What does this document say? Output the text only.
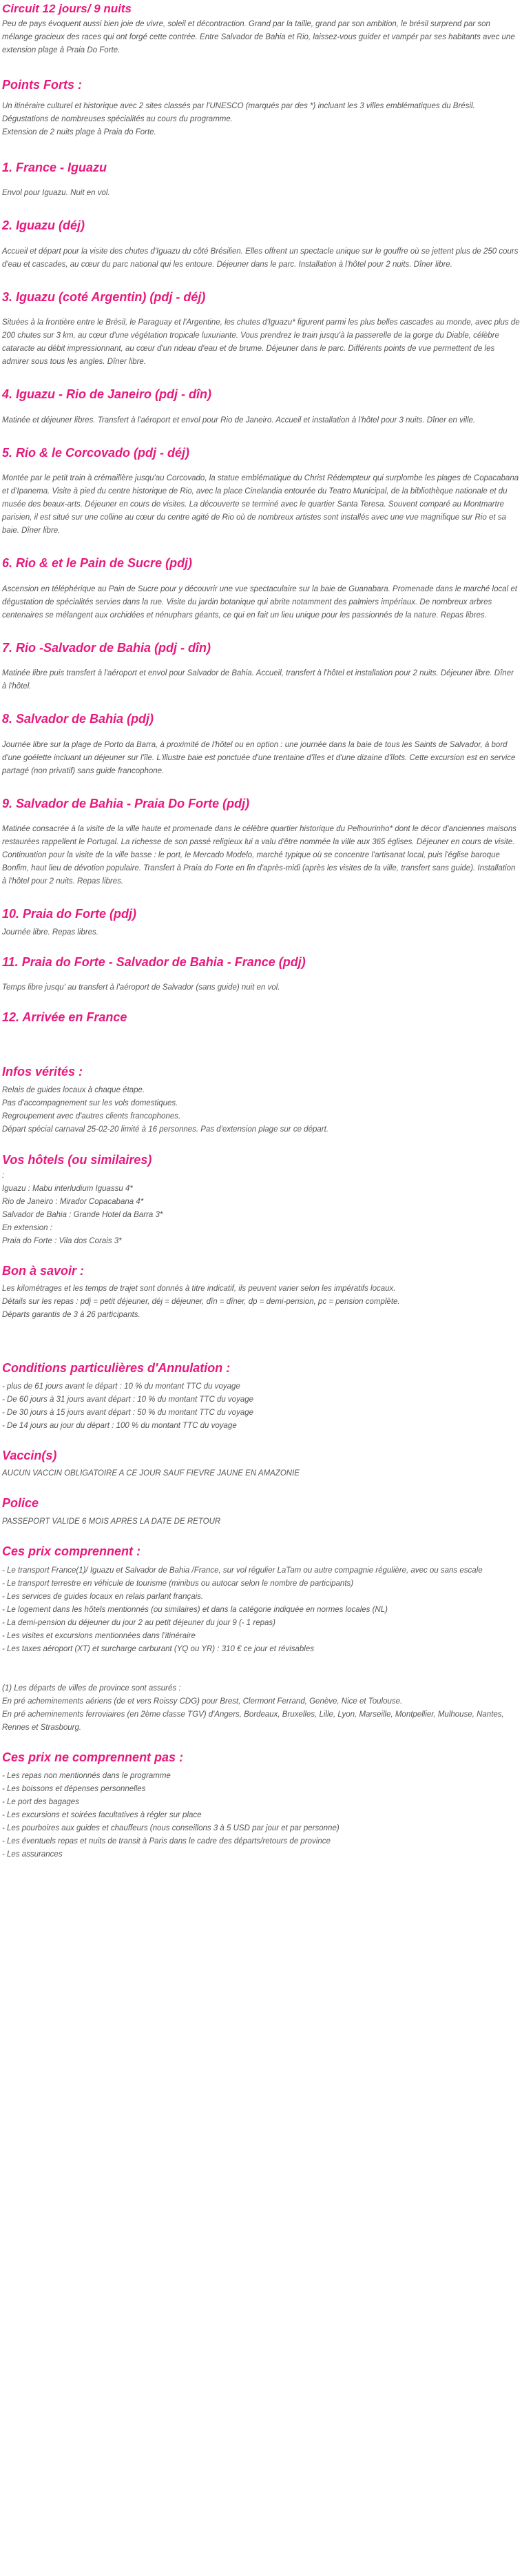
Circuit 12 jours/ 9 nuits

Peu de pays évoquent aussi bien joie de vivre, soleil et décontraction. Grand par la taille, grand par son ambition, le brésil surprend par son mélange gracieux des races qui ont forgé cette contrée. Entre Salvador de Bahia et Rio, laissez-vous guider et vampér par ses habitants avec une extension plage à Praia Do Forte.

Points Forts :
Un itinéraire culturel et historique avec 2 sites classés par l'UNESCO (marqués par des *) incluant les 3 villes emblématiques du Brésil.
Dégustations de nombreuses spécialités au cours du programme.
Extension de 2 nuits plage à Praia do Forte.
1. France - Iguazu

Envol pour Iguazu. Nuit en vol.

2. Iguazu (déj)

Accueil et départ pour la visite des chutes d'Iguazu du côté Brésilien. Elles offrent un spectacle unique sur le gouffre où se jettent plus de 250 cours d'eau et cascades, au cœur du parc national qui les entoure. Déjeuner dans le parc. Installation à l'hôtel pour 2 nuits. Dîner libre.

3. Iguazu (coté Argentin) (pdj - déj)

Situées à la frontière entre le Brésil, le Paraguay et l'Argentine, les chutes d'Iguazu* figurent parmi les plus belles cascades au monde, avec plus de 200 chutes sur 3 km, au cœur d'une végétation tropicale luxuriante. Vous prendrez le train jusqu'à la passerelle de la gorge du Diable, célèbre cataracte au débit impressionnant, au cœur d'un rideau d'eau et de brume. Déjeuner dans le parc. Différents points de vue permettent de les admirer sous tous les angles. Dîner libre.

4. Iguazu - Rio de Janeiro (pdj - dîn)

Matinée et déjeuner libres. Transfert à l'aéroport et envol pour Rio de Janeiro. Accueil et installation à l'hôtel pour 3 nuits. Dîner en ville.

5. Rio & le Corcovado (pdj - déj)

Montée par le petit train à crémaillère jusqu'au Corcovado, la statue emblématique du Christ Rédempteur qui surplombe les plages de Copacabana et d'Ipanema. Visite à pied du centre historique de Rio, avec la place Cinelandia entourée du Teatro Municipal, de la bibliothèque nationale et du musée des beaux-arts. Déjeuner en cours de visites. La découverte se terminé avec le quartier Santa Teresa. Souvent comparé au Montmartre parisien, il est situé sur une colline au cœur du centre agité de Rio où de nombreux artistes sont installés avec une vue magnifique sur Rio et sa baie. Dîner libre.

6. Rio & et le Pain de Sucre (pdj)

Ascension en téléphérique au Pain de Sucre pour y découvrir une vue spectaculaire sur la baie de Guanabara. Promenade dans le marché local et dégustation de spécialités servies dans la rue. Visite du jardin botanique qui abrite notamment des palmiers impériaux. De nombreux arbres centenaires se mélangent aux orchidées et nénuphars géants, ce qui en fait un lieu unique pour les passionnés de la nature. Repas libres.

7. Rio -Salvador de Bahia (pdj - dîn)

Matinée libre puis transfert à l'aéroport et envol pour Salvador de Bahia. Accueil, transfert à l'hôtel et installation pour 2 nuits. Déjeuner libre. Dîner à l'hôtel.

8. Salvador de Bahia (pdj)

Journée libre sur la plage de Porto da Barra, à proximité de l'hôtel ou en option : une journée dans la baie de tous les Saints de Salvador, à bord d'une goélette incluant un déjeuner sur l'île. L'illustre baie est ponctuée d'une trentaine d'îles et d'une dizaine d'îlots. Cette excursion est en service partagé (non privatif) sans guide francophone.

9. Salvador de Bahia - Praia Do Forte (pdj)

Matinée consacrée à la visite de la ville haute et promenade dans le célèbre quartier historique du Pelhourinho* dont le décor d'anciennes maisons restaurées rappellent le Portugal. La richesse de son passé religieux lui a valu d'être nommée la ville aux 365 églises. Déjeuner en cours de visite. Continuation pour la visite de la ville basse : le port, le Mercado Modelo, marché typique où se concentre l'artisanat local, puis l'église baroque Bonfim, haut lieu de dévotion populaire. Transfert à Praia do Forte en fin d'après-midi (après les visites de la ville, transfert sans guide). Installation à l'hôtel pour 2 nuits. Repas libres.

10. Praia do Forte (pdj)

Journée libre. Repas libres.

11. Praia do Forte - Salvador de Bahia - France (pdj)

Temps libre jusqu' au transfert à l'aéroport de Salvador (sans guide) nuit en vol.

12. Arrivée en France
Infos vérités :
Relais de guides locaux à chaque étape.
Pas d'accompagnement sur les vols domestiques.
Regroupement avec d'autres clients francophones.
Départ spécial carnaval 25-02-20 limité à 16 personnes. Pas d'extension plage sur ce départ.
Vos hôtels (ou similaires)
:
Iguazu : Mabu interludium Iguassu 4*
Rio de Janeiro : Mirador Copacabana 4*
Salvador de Bahia : Grande Hotel da Barra 3*
En extension :
Praia do Forte : Vila dos Corais 3*
Bon à savoir :
Les kilométrages et les temps de trajet sont donnés à titre indicatif, ils peuvent varier selon les impératifs locaux.
Détails sur les repas : pdj = petit déjeuner, déj = déjeuner, dîn = dîner, dp = demi-pension, pc = pension complète.
Départs garantis de 3 à 26 participants.
Conditions particulières d'Annulation :
- plus de 61 jours avant le départ : 10 % du montant TTC du voyage
- De 60 jours à 31 jours avant départ : 10 % du montant TTC du voyage
- De 30 jours à 15 jours avant départ : 50 % du montant TTC du voyage
- De 14 jours au jour du départ : 100 % du montant TTC du voyage
Vaccin(s)

AUCUN VACCIN OBLIGATOIRE A CE JOUR SAUF FIEVRE JAUNE EN AMAZONIE

Police

PASSEPORT VALIDE 6 MOIS APRES LA DATE DE RETOUR

Ces prix comprennent :
- Le transport France(1)/ Iguazu et Salvador de Bahia /France, sur vol régulier LaTam ou autre compagnie régulière, avec ou sans escale
- Le transport terrestre en véhicule de tourisme (minibus ou autocar selon le nombre de participants)
- Les services de guides locaux en relais parlant français.
- Le logement dans les hôtels mentionnés (ou similaires) et dans la catégorie indiquée en normes locales (NL)
- La demi-pension du déjeuner du jour 2 au petit déjeuner du jour 9 (- 1 repas)
- Les visites et excursions mentionnées dans l'itinéraire
- Les taxes aéroport (XT) et surcharge carburant (YQ ou YR) : 310 € ce jour et révisables
(1) Les départs de villes de province sont assurés :
En pré acheminements aériens (de et vers Roissy CDG) pour Brest, Clermont Ferrand, Genève, Nice et Toulouse.
En pré acheminements ferroviaires (en 2ème classe TGV) d'Angers, Bordeaux, Bruxelles, Lille, Lyon, Marseille, Montpellier, Mulhouse, Nantes, Rennes et Strasbourg.
Ces prix ne comprennent pas :
- Les repas non mentionnés dans le programme
- Les boissons et dépenses personnelles
- Le port des bagages
- Les excursions et soirées facultatives à régler sur place
- Les pourboires aux guides et chauffeurs (nous conseillons 3 à 5 USD par jour et par personne)
- Les éventuels repas et nuits de transit à Paris dans le cadre des départs/retours de province
- Les assurances
